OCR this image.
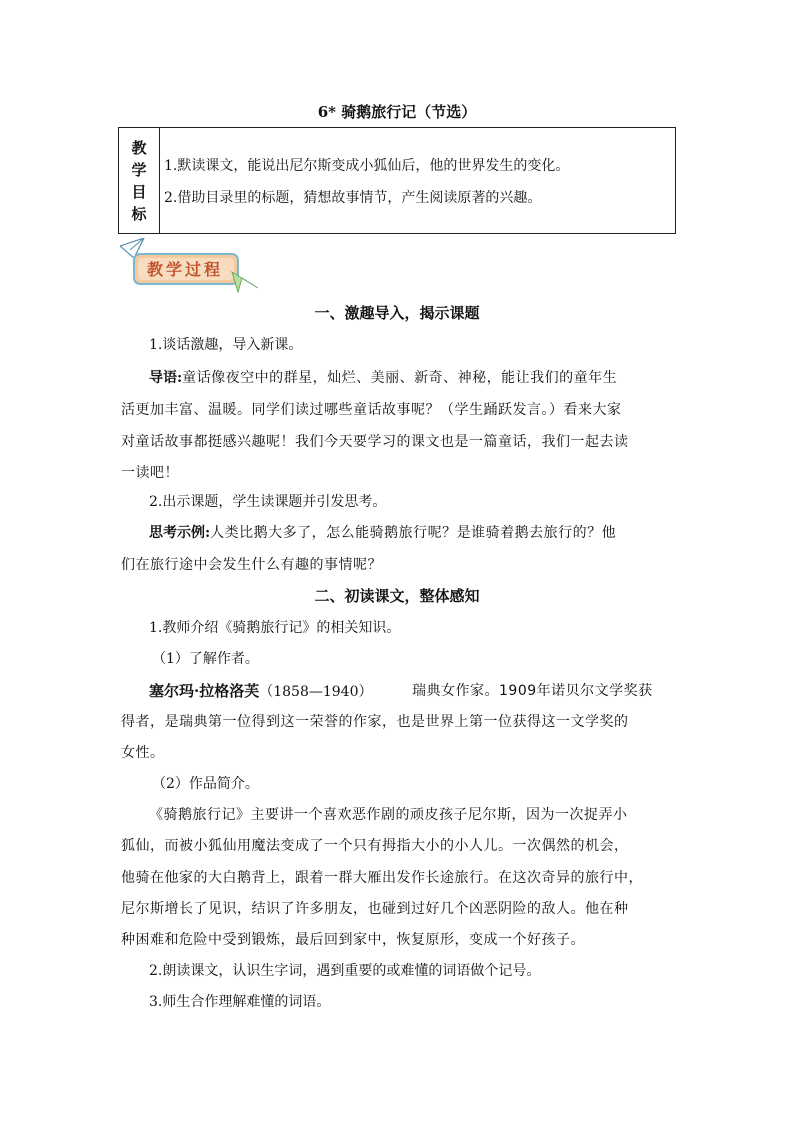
6* 骑鹅旅行记（节选）
教
学
目
标
1.默读课文，能说出尼尔斯变成小狐仙后，他的世界发生的变化。
2.借助目录里的标题，猜想故事情节，产生阅读原著的兴趣。
教学过程
一、激趣导入，揭示课题
1.谈话激趣，导入新课。
导语:童话像夜空中的群星，灿烂、美丽、新奇、神秘，能让我们的童年生
活更加丰富、温暖。同学们读过哪些童话故事呢？（学生踊跃发言。）看来大家
对童话故事都挺感兴趣呢！我们今天要学习的课文也是一篇童话，我们一起去读
一读吧！
2.出示课题，学生读课题并引发思考。
思考示例:人类比鹅大多了，怎么能骑鹅旅行呢？是谁骑着鹅去旅行的？他
们在旅行途中会发生什么有趣的事情呢？
二、初读课文，整体感知
1.教师介绍《骑鹅旅行记》的相关知识。
（1）了解作者。
塞尔玛·拉格洛芙（1858—1940）	瑞典女作家。1909年诺贝尔文学奖获
得者，是瑞典第一位得到这一荣誉的作家，也是世界上第一位获得这一文学奖的
女性。
（2）作品简介。
《骑鹅旅行记》主要讲一个喜欢恶作剧的顽皮孩子尼尔斯，因为一次捉弄小
狐仙，而被小狐仙用魔法变成了一个只有拇指大小的小人儿。一次偶然的机会，
他骑在他家的大白鹅背上，跟着一群大雁出发作长途旅行。在这次奇异的旅行中，
尼尔斯增长了见识，结识了许多朋友，也碰到过好几个凶恶阴险的敌人。他在种
种困难和危险中受到锻炼，最后回到家中，恢复原形，变成一个好孩子。
2.朗读课文，认识生字词，遇到重要的或难懂的词语做个记号。
3.师生合作理解难懂的词语。
